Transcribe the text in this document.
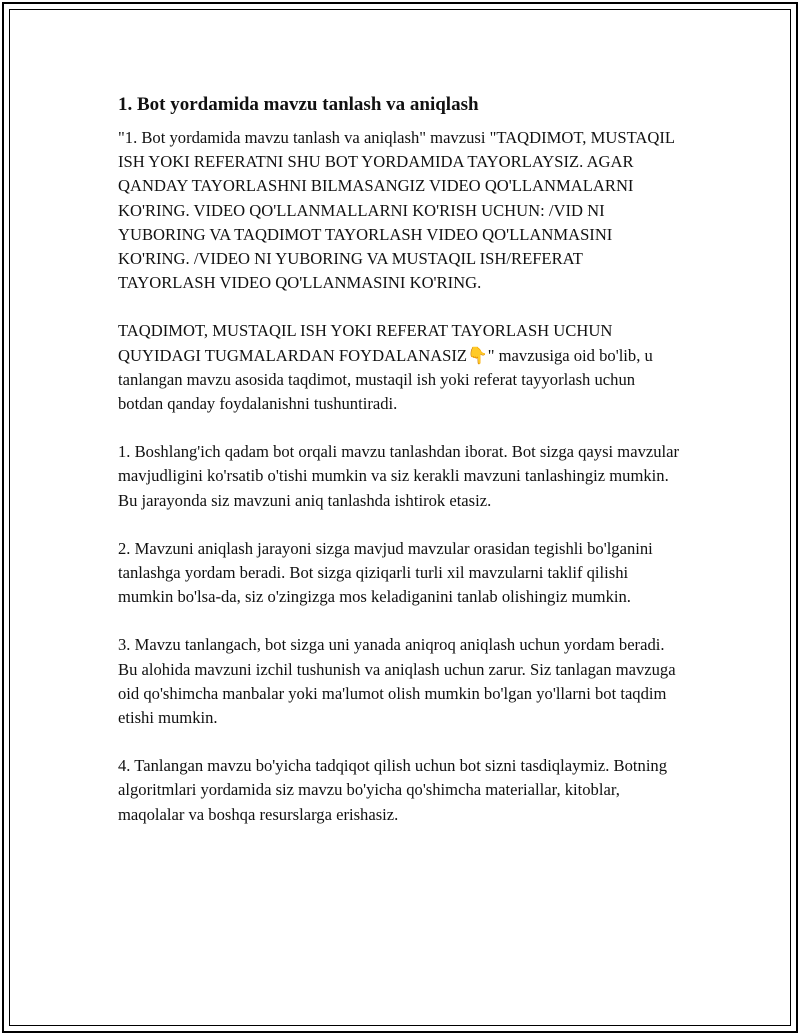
1. Bot yordamida mavzu tanlash va aniqlash

"1. Bot yordamida mavzu tanlash va aniqlash" mavzusi "TAQDIMOT, MUSTAQIL ISH YOKI REFERATNI SHU BOT YORDAMIDA TAYORLAYSIZ. AGAR QANDAY TAYORLASHNI BILMASANGIZ VIDEO QO'LLANMALARNI KO'RING. VIDEO QO'LLANMALLARNI KO'RISH UCHUN: /VID NI YUBORING VA TAQDIMOT TAYORLASH VIDEO QO'LLANMASINI KO'RING. /VIDEO NI YUBORING VA MUSTAQIL ISH/REFERAT TAYORLASH VIDEO QO'LLANMASINI KO'RING.

TAQDIMOT, MUSTAQIL ISH YOKI REFERAT TAYORLASH UCHUN QUYIDAGI TUGMALARDAN FOYDALANASIZ👇" mavzusiga oid bo'lib, u tanlangan mavzu asosida taqdimot, mustaqil ish yoki referat tayyorlash uchun botdan qanday foydalanishni tushuntiradi.

1. Boshlang'ich qadam bot orqali mavzu tanlashdan iborat. Bot sizga qaysi mavzular mavjudligini ko'rsatib o'tishi mumkin va siz kerakli mavzuni tanlashingiz mumkin. Bu jarayonda siz mavzuni aniq tanlashda ishtirok etasiz.

2. Mavzuni aniqlash jarayoni sizga mavjud mavzular orasidan tegishli bo'lganini tanlashga yordam beradi. Bot sizga qiziqarli turli xil mavzularni taklif qilishi mumkin bo'lsa-da, siz o'zingizga mos keladiganini tanlab olishingiz mumkin.

3. Mavzu tanlangach, bot sizga uni yanada aniqroq aniqlash uchun yordam beradi. Bu alohida mavzuni izchil tushunish va aniqlash uchun zarur. Siz tanlagan mavzuga oid qo'shimcha manbalar yoki ma'lumot olish mumkin bo'lgan yo'llarni bot taqdim etishi mumkin.

4. Tanlangan mavzu bo'yicha tadqiqot qilish uchun bot sizni tasdiqlaymiz. Botning algoritmlari yordamida siz mavzu bo'yicha qo'shimcha materiallar, kitoblar, maqolalar va boshqa resurslarga erishasiz.
